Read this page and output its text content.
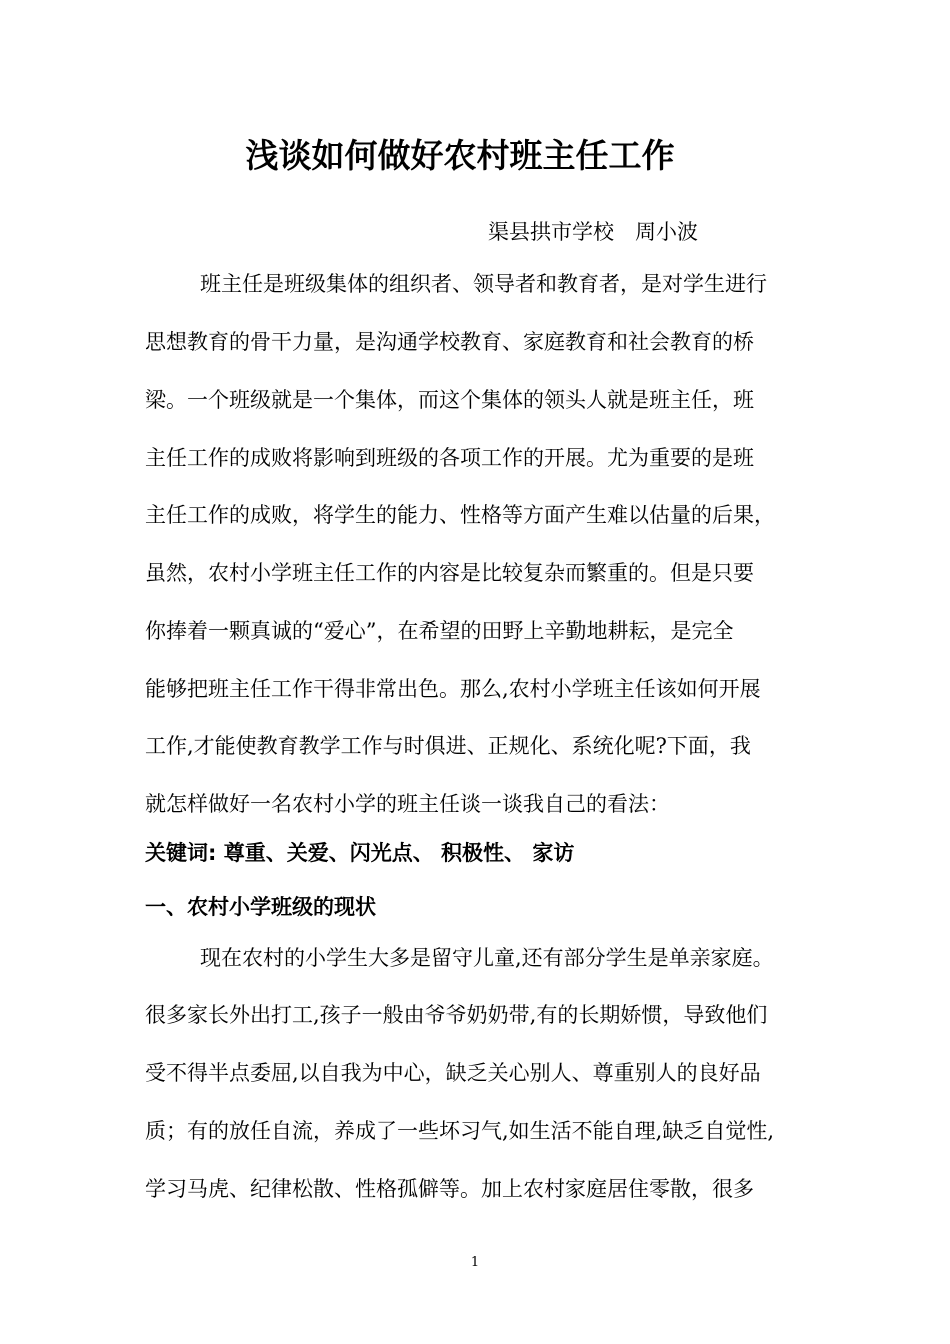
浅谈如何做好农村班主任工作
渠县拱市学校　周小波
班主任是班级集体的组织者、领导者和教育者，是对学生进行
思想教育的骨干力量，是沟通学校教育、家庭教育和社会教育的桥
梁。一个班级就是一个集体，而这个集体的领头人就是班主任，班
主任工作的成败将影响到班级的各项工作的开展。尤为重要的是班
主任工作的成败，将学生的能力、性格等方面产生难以估量的后果，
虽然，农村小学班主任工作的内容是比较复杂而繁重的。但是只要
你捧着一颗真诚的“爱心”，在希望的田野上辛勤地耕耘，是完全
能够把班主任工作干得非常出色。那么,农村小学班主任该如何开展
工作,才能使教育教学工作与时俱进、正规化、系统化呢?下面，我
就怎样做好一名农村小学的班主任谈一谈我自己的看法：
关键词: 尊重、关爱、闪光点、 积极性、 家访
一、农村小学班级的现状
现在农村的小学生大多是留守儿童,还有部分学生是单亲家庭。
很多家长外出打工,孩子一般由爷爷奶奶带,有的长期娇惯，导致他们
受不得半点委屈,以自我为中心，缺乏关心别人、尊重别人的良好品
质；有的放任自流，养成了一些坏习气,如生活不能自理,缺乏自觉性,
学习马虎、纪律松散、性格孤僻等。加上农村家庭居住零散，很多
1
